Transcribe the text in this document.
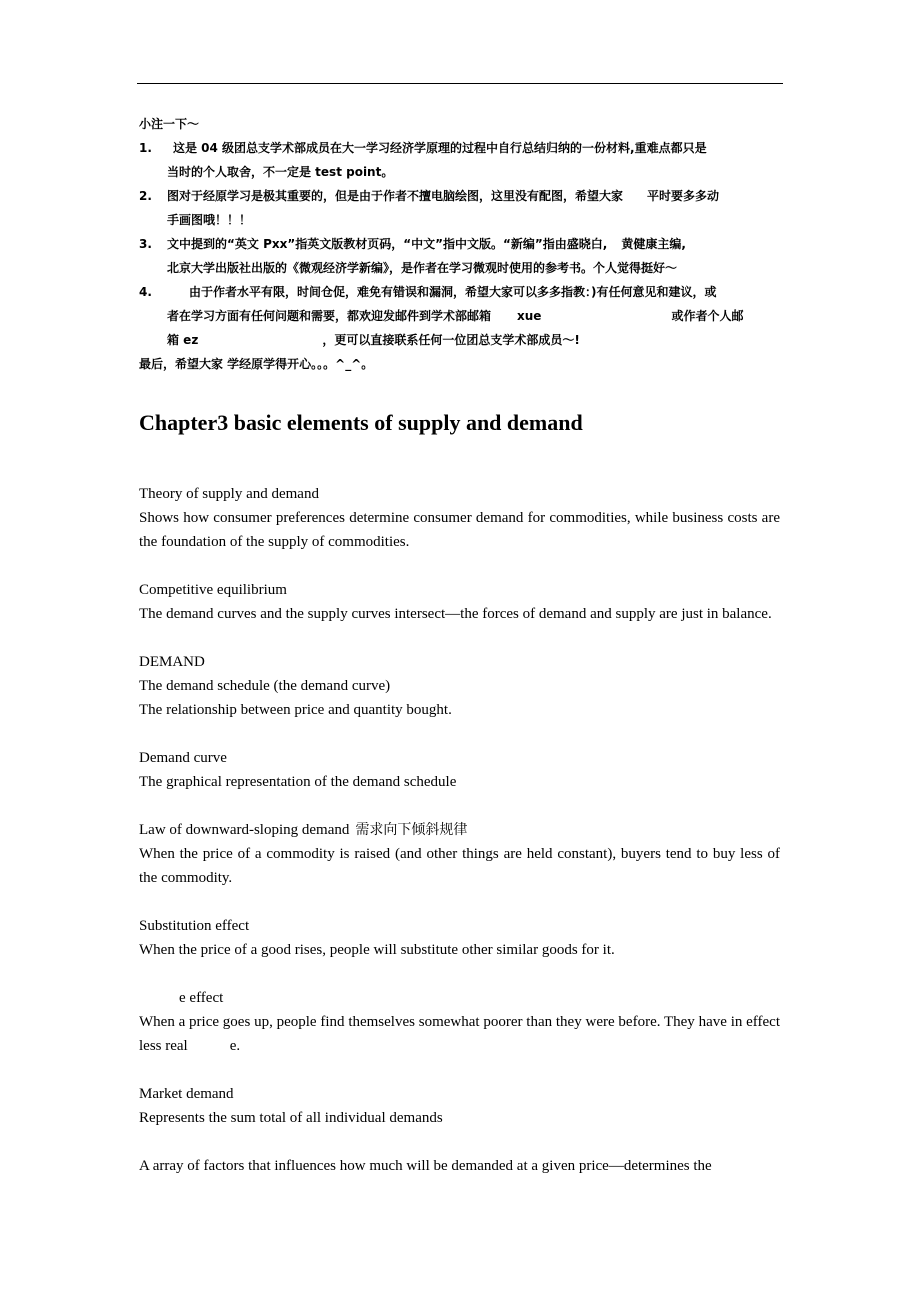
小注一下～
1.	这是 04 级团总支学术部成员在大一学习经济学原理的过程中自行总结归纳的一份材料,重难点都只是
当时的个人取舍，不一定是 test point。
2. 图对于经原学习是极其重要的，但是由于作者不擅电脑绘图，这里没有配图，希望大家 平时要多多动
手画图哦！！！
3. 文中提到的“英文 Pxx”指英文版教材页码，“中文”指中文版。“新编”指由盛晓白, 黄健康主编,
北京大学出版社出版的《微观经济学新编》，是作者在学习微观时使用的参考书。个人觉得挺好～
4.	由于作者水平有限，时间仓促，难免有错误和漏洞，希望大家可以多多指教：)有任何意见和建议，或
者在学习方面有任何问题和需要，都欢迎发邮件到学术部邮箱 xue	或作者个人邮
箱 ez	，更可以直接联系任何一位团总支学术部成员～!
最后，希望大家 学经原学得开心。。。^_^。
Chapter3 basic elements of supply and demand
Theory of supply and demand
Shows how consumer preferences determine consumer demand for commodities, while business costs are the foundation of the supply of commodities.
Competitive equilibrium
The demand curves and the supply curves intersect—the forces of demand and supply are just in balance.
DEMAND
The demand schedule (the demand curve)
The relationship between price and quantity bought.
Demand curve
The graphical representation of the demand schedule
Law of downward-sloping demand 需求向下倾斜规律
When the price of a commodity is raised (and other things are held constant), buyers tend to buy less of the commodity.
Substitution effect
When the price of a good rises, people will substitute other similar goods for it.
e effect
When a price goes up, people find themselves somewhat poorer than they were before. They have in effect less real	e.
Market demand
Represents the sum total of all individual demands
A array of factors that influences how much will be demanded at a given price—determines the
